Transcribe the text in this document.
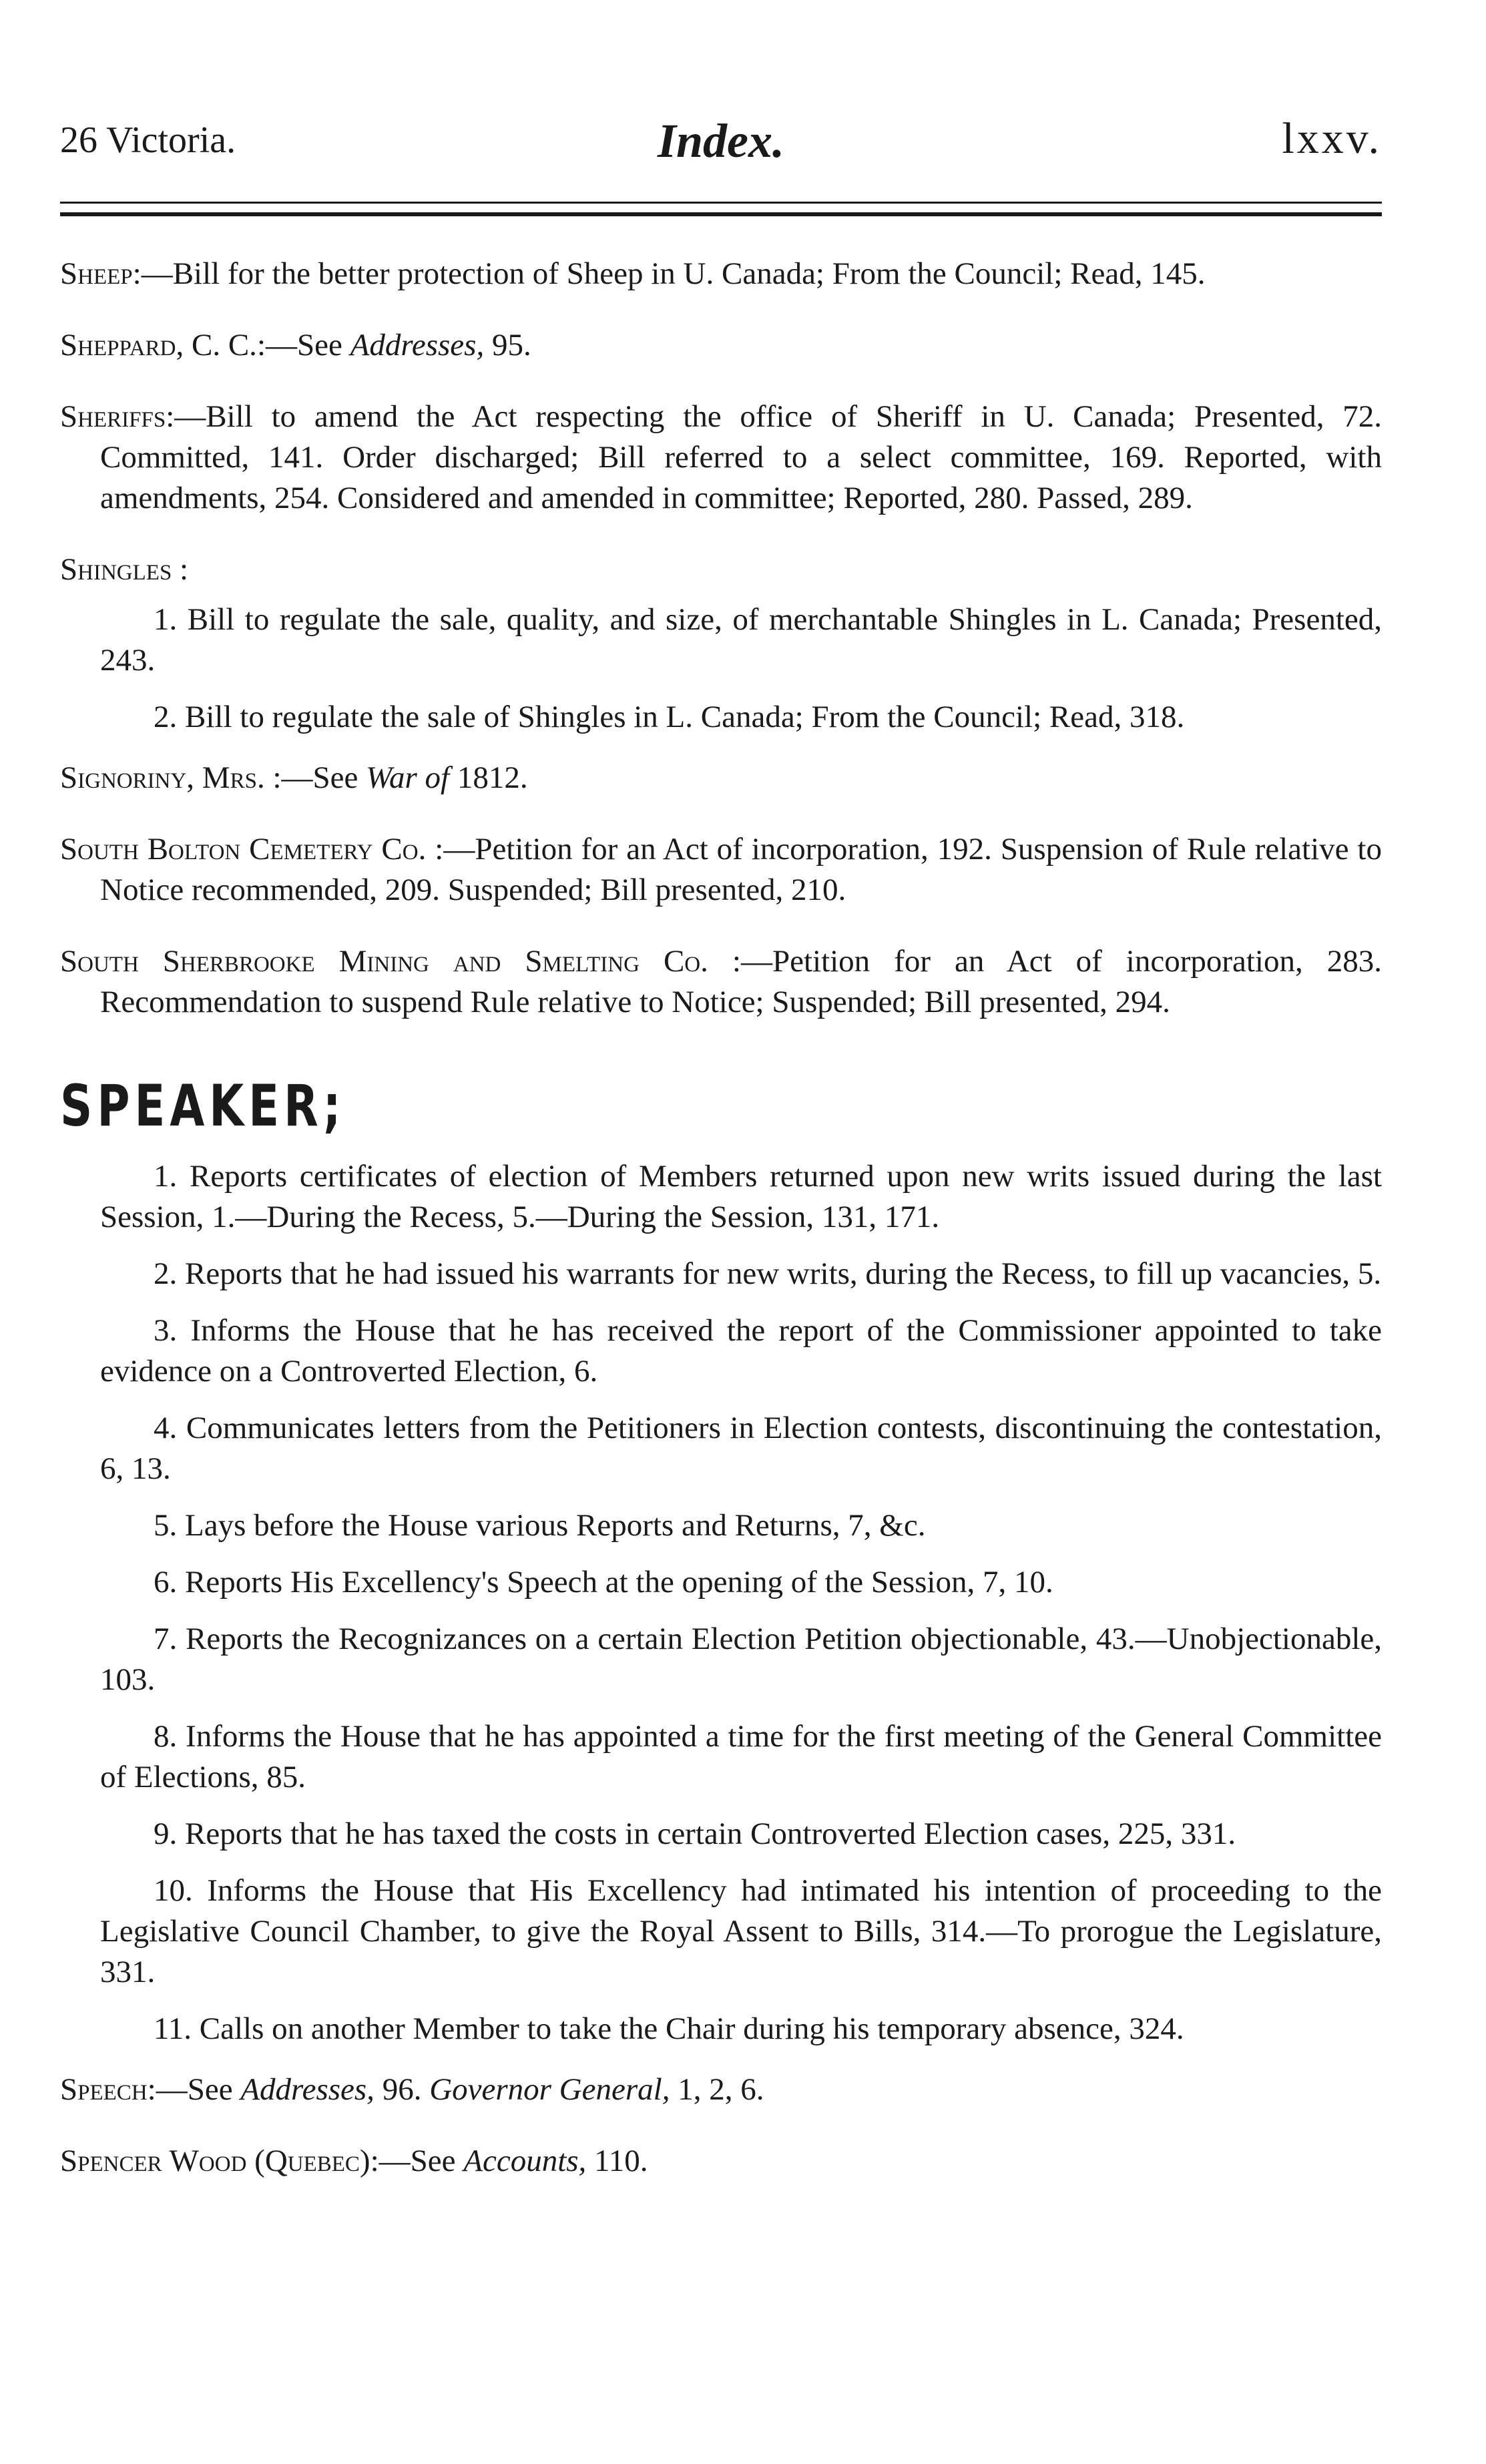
26 Victoria.	Index.	lxxv.

Sheep:—Bill for the better protection of Sheep in U. Canada; From the Council; Read, 145.

Sheppard, C. C.:—See Addresses, 95.

Sheriffs:—Bill to amend the Act respecting the office of Sheriff in U. Canada; Presented, 72. Committed, 141. Order discharged; Bill referred to a select committee, 169. Reported, with amendments, 254. Considered and amended in committee; Reported, 280. Passed, 289.

Shingles :

1. Bill to regulate the sale, quality, and size, of merchantable Shingles in L. Canada; Presented, 243.

2. Bill to regulate the sale of Shingles in L. Canada; From the Council; Read, 318.

Signoriny, Mrs. :—See War of 1812.

South Bolton Cemetery Co. :—Petition for an Act of incorporation, 192. Suspension of Rule relative to Notice recommended, 209. Suspended; Bill presented, 210.

South Sherbrooke Mining and Smelting Co. :—Petition for an Act of incorporation, 283. Recommendation to suspend Rule relative to Notice; Suspended; Bill presented, 294.

SPEAKER;

1. Reports certificates of election of Members returned upon new writs issued during the last Session, 1.—During the Recess, 5.—During the Session, 131, 171.

2. Reports that he had issued his warrants for new writs, during the Recess, to fill up vacancies, 5.

3. Informs the House that he has received the report of the Commissioner appointed to take evidence on a Controverted Election, 6.

4. Communicates letters from the Petitioners in Election contests, discontinuing the contestation, 6, 13.

5. Lays before the House various Reports and Returns, 7, &c.

6. Reports His Excellency's Speech at the opening of the Session, 7, 10.

7. Reports the Recognizances on a certain Election Petition objectionable, 43.—Unobjectionable, 103.

8. Informs the House that he has appointed a time for the first meeting of the General Committee of Elections, 85.

9. Reports that he has taxed the costs in certain Controverted Election cases, 225, 331.

10. Informs the House that His Excellency had intimated his intention of proceeding to the Legislative Council Chamber, to give the Royal Assent to Bills, 314.—To prorogue the Legislature, 331.

11. Calls on another Member to take the Chair during his temporary absence, 324.

Speech:—See Addresses, 96. Governor General, 1, 2, 6.

Spencer Wood (Quebec):—See Accounts, 110.
